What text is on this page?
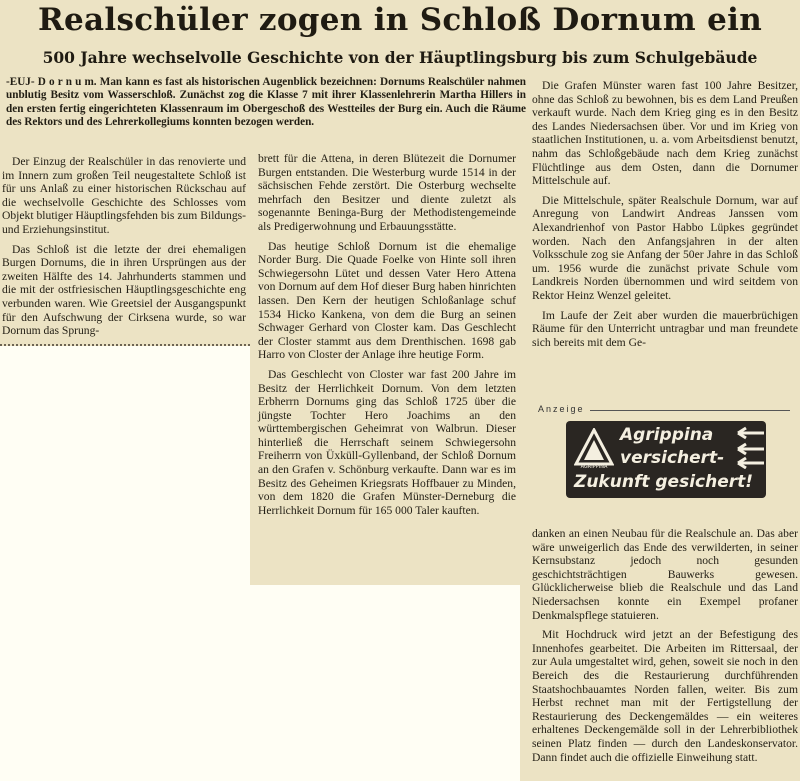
Realschüler zogen in Schloß Dornum ein
500 Jahre wechselvolle Geschichte von der Häuptlingsburg bis zum Schulgebäude
-EUJ- D o r n u m. Man kann es fast als historischen Augenblick bezeichnen: Dornums Realschüler nahmen unblutig Besitz vom Wasserschloß. Zunächst zog die Klasse 7 mit ihrer Klassenlehrerin Martha Hillers in den ersten fertig eingerichteten Klassenraum im Obergeschoß des Westteiles der Burg ein. Auch die Räume des Rektors und des Lehrerkollegiums konnten bezogen werden.

Der Einzug der Realschüler in das renovierte und im Innern zum großen Teil neugestaltete Schloß ist für uns Anlaß zu einer historischen Rückschau auf die wechselvolle Geschichte des Schlosses vom Objekt blutiger Häuptlingsfehden bis zum Bildungs- und Erziehungsinstitut.

Das Schloß ist die letzte der drei ehemaligen Burgen Dornums, die in ihren Ursprüngen aus der zweiten Hälfte des 14. Jahrhunderts stammen und die mit der ostfriesischen Häuptlingsgeschichte eng verbunden waren. Wie Greetsiel der Ausgangspunkt für den Aufschwung der Cirksena wurde, so war Dornum das Sprung-

brett für die Attena, in deren Blütezeit die Dornumer Burgen entstanden. Die Westerburg wurde 1514 in der sächsischen Fehde zerstört. Die Osterburg wechselte mehrfach den Besitzer und diente zuletzt als sogenannte Beninga-Burg der Methodistengemeinde als Predigerwohnung und Erbauungsstätte.

Das heutige Schloß Dornum ist die ehemalige Norder Burg. Die Quade Foelke von Hinte soll ihren Schwiegersohn Lütet und dessen Vater Hero Attena von Dornum auf dem Hof dieser Burg haben hinrichten lassen. Den Kern der heutigen Schloßanlage schuf 1534 Hicko Kankena, von dem die Burg an seinen Schwager Gerhard von Closter kam. Das Geschlecht der Closter stammt aus dem Drenthischen. 1698 gab Harro von Closter der Anlage ihre heutige Form.

Das Geschlecht von Closter war fast 200 Jahre im Besitz der Herrlichkeit Dornum. Von dem letzten Erbherrn Dornums ging das Schloß 1725 über die jüngste Tochter Hero Joachims an den württembergischen Geheimrat von Walbrun. Dieser hinterließ die Herrschaft seinem Schwiegersohn Freiherrn von Üxküll-Gyllenband, der Schloß Dornum an den Grafen v. Schönburg verkaufte. Dann war es im Besitz des Geheimen Kriegsrats Hoffbauer zu Minden, von dem 1820 die Grafen Münster-Derneburg die Herrlichkeit Dornum für 165 000 Taler kauften.

Die Grafen Münster waren fast 100 Jahre Besitzer, ohne das Schloß zu bewohnen, bis es dem Land Preußen verkauft wurde. Nach dem Krieg ging es in den Besitz des Landes Niedersachsen über. Vor und im Krieg von staatlichen Institutionen, u. a. vom Arbeitsdienst benutzt, nahm das Schloßgebäude nach dem Krieg zunächst Flüchtlinge aus dem Osten, dann die Dornumer Mittelschule auf.

Die Mittelschule, später Realschule Dornum, war auf Anregung von Landwirt Andreas Janssen vom Alexandrienhof von Pastor Habbo Lüpkes gegründet worden. Nach den Anfangsjahren in der alten Volksschule zog sie Anfang der 50er Jahre in das Schloß um. 1956 wurde die zunächst private Schule vom Landkreis Norden übernommen und wird seitdem von Rektor Heinz Wenzel geleitet.

Im Laufe der Zeit aber wurden die mauerbrüchigen Räume für den Unterricht untragbar und man freundete sich bereits mit dem Ge-

Anzeige
AGRIPPINA
Agrippina
versichert-
Zukunft gesichert!

danken an einen Neubau für die Realschule an. Das aber wäre unweigerlich das Ende des verwilderten, in seiner Kernsubstanz jedoch noch gesunden geschichtsträchtigen Bauwerks gewesen. Glücklicherweise blieb die Realschule und das Land Niedersachsen konnte ein Exempel profaner Denkmalspflege statuieren.

Mit Hochdruck wird jetzt an der Befestigung des Innenhofes gearbeitet. Die Arbeiten im Rittersaal, der zur Aula umgestaltet wird, gehen, soweit sie noch in den Bereich des die Restaurierung durchführenden Staatshochbauamtes Norden fallen, weiter. Bis zum Herbst rechnet man mit der Fertigstellung der Restaurierung des Deckengemäldes — ein weiteres erhaltenes Deckengemälde soll in der Lehrerbibliothek seinen Platz finden — durch den Landeskonservator. Dann findet auch die offizielle Einweihung statt.
